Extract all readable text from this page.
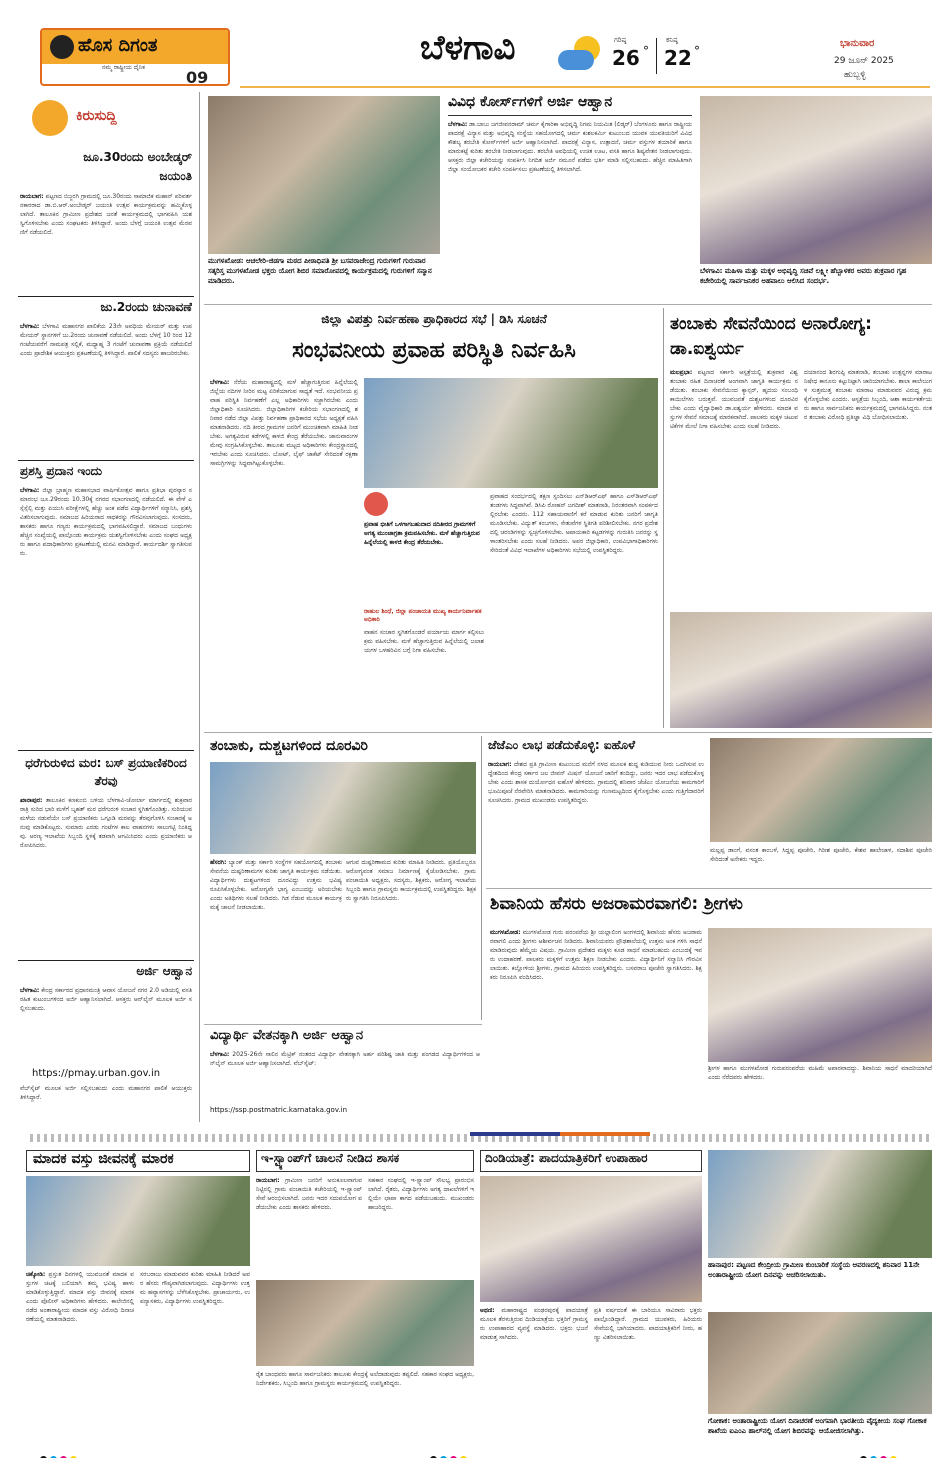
ಹೊಸ ದಿಗಂತ
ನಮ್ಮ ರಾಷ್ಟ್ರೀಯ ದೈನಿಕ
09
ಬೆಳಗಾವಿ	ಗರಿಷ್ಠ
26 °
ಕನಿಷ್ಠ
22 °
ಭಾನುವಾರ
29 ಜೂನ್ 2025
ಹುಬ್ಬಳ್ಳಿ
ಕಿರುಸುದ್ದಿ
ಜೂ.30ರಂದು ಅಂಬೇಡ್ಕರ್ ಜಯಂತಿ
ರಾಯಬಾಗ: ಪಟ್ಟಣದ ಬಿಜ್ಜರಗಿ ಗ್ರಾಮದಲ್ಲಿ ಜೂ.30ರಂದು ಸಾಮಾಜಿಕ ಮಹಾನ್ ಪರಿವರ್ತನಕಾರರಾದ ಡಾ.ಬಿ.ಆರ್.ಅಂಬೇಡ್ಕರ್ ಜಯಂತಿ ಉತ್ಸವ ಕಾರ್ಯಕ್ರಮವನ್ನು ಹಮ್ಮಿಕೊಳ್ಳಲಾಗಿದೆ. ತಾಲೂಕಿನ ಗ್ರಾಮೀಣ ಪ್ರದೇಶದ ಜನತೆ ಕಾರ್ಯಕ್ರಮದಲ್ಲಿ ಭಾಗವಹಿಸಿ ಯಶಸ್ವಿಗೊಳಿಸಬೇಕು ಎಂದು ಸಂಘಟಕರು ತಿಳಿಸಿದ್ದಾರೆ. ಅಂದು ಬೆಳಗ್ಗೆ ಜಯಂತಿ ಉತ್ಸವ ಮೆರವಣಿಗೆ ನಡೆಯಲಿದೆ.
ಜು.2ರಂದು ಚುನಾವಣೆ
ಬೆಳಗಾವಿ: ಬೆಳಗಾವಿ ಮಹಾನಗರ ಪಾಲಿಕೆಯ 23ನೇ ಅವಧಿಯ ಮೇಯರ್ ಮತ್ತು ಉಪಮೇಯರ್ ಸ್ಥಾನಗಳಿಗೆ ಜು.2ರಂದು ಚುನಾವಣೆ ನಡೆಯಲಿದೆ. ಅಂದು ಬೆಳಗ್ಗೆ 10 ರಿಂದ 12 ಗಂಟೆಯವರೆಗೆ ನಾಮಪತ್ರ ಸಲ್ಲಿಕೆ, ಮಧ್ಯಾಹ್ನ 3 ಗಂಟೆಗೆ ಚುನಾವಣಾ ಪ್ರಕ್ರಿಯೆ ನಡೆಯಲಿದೆ ಎಂದು ಪ್ರಾದೇಶಿಕ ಆಯುಕ್ತರು ಪ್ರಕಟಣೆಯಲ್ಲಿ ತಿಳಿಸಿದ್ದಾರೆ. ಪಾಲಿಕೆ ಸದಸ್ಯರು ಹಾಜರಿರಬೇಕು.
ಪ್ರಶಸ್ತಿ ಪ್ರದಾನ ಇಂದು
ಬೆಳಗಾವಿ: ಜಿಲ್ಲಾ ಬ್ರಾಹ್ಮಣ ಮಹಾಸಭಾದ ವಾರ್ಷಿಕೋತ್ಸವ ಹಾಗೂ ಪ್ರತಿಭಾ ಪುರಸ್ಕಾರ ಸಮಾರಂಭ ಜೂ.29ರಂದು 10.30ಕ್ಕೆ ನಗರದ ಸಭಾಂಗಣದಲ್ಲಿ ನಡೆಯಲಿದೆ. ಈ ವೇಳೆ ಎಸ್ಸೆಸ್ಸೆಲ್ಸಿ ಮತ್ತು ಪಿಯುಸಿ ಪರೀಕ್ಷೆಗಳಲ್ಲಿ ಹೆಚ್ಚು ಅಂಕ ಪಡೆದ ವಿದ್ಯಾರ್ಥಿಗಳಿಗೆ ಸನ್ಮಾನಿಸಿ, ಪ್ರಶಸ್ತಿ ವಿತರಿಸಲಾಗುವುದು. ಸಮಾಜದ ಹಿರಿಯರಾದ ಸಾಧಕರನ್ನು ಗೌರವಿಸಲಾಗುವುದು. ಸಂಸದರು, ಶಾಸಕರು ಹಾಗೂ ಗಣ್ಯರು ಕಾರ್ಯಕ್ರಮದಲ್ಲಿ ಭಾಗವಹಿಸಲಿದ್ದಾರೆ. ಸಮಾಜದ ಬಂಧುಗಳು ಹೆಚ್ಚಿನ ಸಂಖ್ಯೆಯಲ್ಲಿ ಪಾಲ್ಗೊಂಡು ಕಾರ್ಯಕ್ರಮ ಯಶಸ್ವಿಗೊಳಿಸಬೇಕು ಎಂದು ಸಂಘದ ಅಧ್ಯಕ್ಷರು ಹಾಗೂ ಪದಾಧಿಕಾರಿಗಳು ಪ್ರಕಟಣೆಯಲ್ಲಿ ಮನವಿ ಮಾಡಿದ್ದಾರೆ. ಕಾರ್ಯದರ್ಶಿ ಸ್ವಾಗತಿಸುವರು.
ಧರೆಗುರುಳಿದ ಮರ: ಬಸ್ ಪ್ರಯಾಣಿಕರಿಂದ ತೆರವು
ಖಾನಾಪುರ: ತಾಲೂಕಿನ ಕಣಕುಂಬಿ ಬಳಿಯ ಬೆಳಗಾವಿ-ಚೋರ್ಲಾ ಮಾರ್ಗದಲ್ಲಿ ಶುಕ್ರವಾರ ರಾತ್ರಿ ಸುರಿದ ಭಾರಿ ಮಳೆಗೆ ಬೃಹತ್ ಮರ ಧರೆಗುರುಳಿ ಸಂಚಾರ ಸ್ಥಗಿತಗೊಂಡಿತ್ತು. ಸುರಿಯುವ ಮಳೆಯ ನಡುವೆಯೇ ಬಸ್ ಪ್ರಯಾಣಿಕರು ಒಗ್ಗೂಡಿ ಮರವನ್ನು ತೆರವುಗೊಳಿಸಿ ಸಂಚಾರಕ್ಕೆ ಅನುವು ಮಾಡಿಕೊಟ್ಟರು. ಸುಮಾರು ಎರಡು ಗಂಟೆಗಳ ಕಾಲ ವಾಹನಗಳು ಸಾಲುಗಟ್ಟಿ ನಿಂತಿದ್ದವು. ಅರಣ್ಯ ಇಲಾಖೆಯ ಸಿಬ್ಬಂದಿ ಸ್ಥಳಕ್ಕೆ ತಡವಾಗಿ ಆಗಮಿಸಿದರು ಎಂದು ಪ್ರಯಾಣಿಕರು ಆರೋಪಿಸಿದರು.
ಅರ್ಜಿ ಆಹ್ವಾನ
ಬೆಳಗಾವಿ: ಕೇಂದ್ರ ಸರ್ಕಾರದ ಪ್ರಧಾನಮಂತ್ರಿ ಆವಾಸ ಯೋಜನೆ ನಗರ 2.0 ಅಡಿಯಲ್ಲಿ ವಸತಿ ರಹಿತ ಕುಟುಂಬಗಳಿಂದ ಅರ್ಜಿ ಆಹ್ವಾನಿಸಲಾಗಿದೆ. ಆಸಕ್ತರು ಆನ್‌ಲೈನ್ ಮೂಲಕ ಅರ್ಜಿ ಸಲ್ಲಿಸಬಹುದು.
https://pmay.urban.gov.in
ವೆಬ್‌ಸೈಟ್ ಮೂಲಕ ಅರ್ಜಿ ಸಲ್ಲಿಸಬಹುದು ಎಂದು ಮಹಾನಗರ ಪಾಲಿಕೆ ಆಯುಕ್ತರು ತಿಳಿಸಿದ್ದಾರೆ.
ಮುಗಳಖೋಡ: ಆಚಲೇರಿ-ಜಿಡಗಾ ಮಠದ ಪೀಠಾಧಿಪತಿ ಶ್ರೀ ಬಸವರಾಜೇಂದ್ರ ಗುರುಗಳಿಗೆ ಗುರುವಾರ ಸತ್ಕರಿಸ್ತ ಮುಗಳಖೋಡ ಭಕ್ತರು ಯೋಗ ಶಿಬಿರ ಸಮಾರೋಪದಲ್ಲಿ ಕಾರ್ಯಕ್ರಮದಲ್ಲಿ ಗುರುಗಳಿಗೆ ಸನ್ಮಾನ ಮಾಡಿದರು.
ವಿವಿಧ ಕೋರ್ಸ್‌ಗಳಿಗೆ ಅರ್ಜಿ ಆಹ್ವಾನ
ಬೆಳಗಾವಿ: ಡಾ.ಬಾಬು ಜಗಜೀವನರಾಮ್ ಚರ್ಮ ಕೈಗಾರಿಕಾ ಅಭಿವೃದ್ಧಿ ನಿಗಮ ನಿಯಮಿತ (ಲಿಡ್ಕರ್) ಬೆಂಗಳೂರು ಹಾಗೂ ರಾಷ್ಟ್ರೀಯ ಪಾದರಕ್ಷೆ ವಿನ್ಯಾಸ ಮತ್ತು ಅಭಿವೃದ್ಧಿ ಸಂಸ್ಥೆಯ ಸಹಯೋಗದಲ್ಲಿ ಚರ್ಮ ಕುಶಲಕರ್ಮಿ ಕುಟುಂಬದ ಯುವಕ ಯುವತಿಯರಿಗೆ ವಿವಿಧ ಕೌಶಲ್ಯ ತರಬೇತಿ ಕೋರ್ಸ್‌ಗಳಿಗೆ ಅರ್ಜಿ ಆಹ್ವಾನಿಸಲಾಗಿದೆ. ಪಾದರಕ್ಷೆ ವಿನ್ಯಾಸ, ಉತ್ಪಾದನೆ, ಚರ್ಮ ವಸ್ತುಗಳ ತಯಾರಿಕೆ ಹಾಗೂ ಮಾರುಕಟ್ಟೆ ಕುರಿತು ತರಬೇತಿ ನೀಡಲಾಗುವುದು. ತರಬೇತಿ ಅವಧಿಯಲ್ಲಿ ಉಚಿತ ಊಟ, ವಸತಿ ಹಾಗೂ ಶಿಷ್ಯವೇತನ ನೀಡಲಾಗುವುದು. ಆಸಕ್ತರು ಜಿಲ್ಲಾ ಕಚೇರಿಯನ್ನು ಸಂಪರ್ಕಿಸಿ ನಿಗದಿತ ಅರ್ಜಿ ನಮೂನೆ ಪಡೆದು ಭರ್ತಿ ಮಾಡಿ ಸಲ್ಲಿಸಬಹುದು. ಹೆಚ್ಚಿನ ಮಾಹಿತಿಗಾಗಿ ಜಿಲ್ಲಾ ಸಂಯೋಜಕರ ಕಚೇರಿ ಸಂಪರ್ಕಿಸಲು ಪ್ರಕಟಣೆಯಲ್ಲಿ ತಿಳಿಸಲಾಗಿದೆ.
ಬೆಳಗಾವಿ: ಮಹಿಳಾ ಮತ್ತು ಮಕ್ಕಳ ಅಭಿವೃದ್ಧಿ ಸಚಿವೆ ಲಕ್ಷ್ಮೀ ಹೆಬ್ಬಾಳಕರ ಅವರು ಶುಕ್ರವಾರ ಗೃಹ ಕಚೇರಿಯಲ್ಲಿ ಸಾರ್ವಜನಿಕರ ಅಹವಾಲು ಆಲಿಸಿದ ಸಂದರ್ಭ.
ಜಿಲ್ಲಾ ವಿಪತ್ತು ನಿರ್ವಹಣಾ ಪ್ರಾಧಿಕಾರದ ಸಭೆ | ಡಿಸಿ ಸೂಚನೆ
ಸಂಭವನೀಯ ಪ್ರವಾಹ ಪರಿಸ್ಥಿತಿ ನಿರ್ವಹಿಸಿ
ಬೆಳಗಾವಿ: ನೆರೆಯ ಮಹಾರಾಷ್ಟ್ರದಲ್ಲಿ ಮಳೆ ಹೆಚ್ಚಾಗುತ್ತಿರುವ ಹಿನ್ನೆಲೆಯಲ್ಲಿ ಜಿಲ್ಲೆಯ ನದಿಗಳ ನೀರಿನ ಮಟ್ಟ ಏರಿಕೆಯಾಗುವ ಸಾಧ್ಯತೆ ಇದೆ. ಸಂಭವನೀಯ ಪ್ರವಾಹ ಪರಿಸ್ಥಿತಿ ನಿರ್ವಹಣೆಗೆ ಎಲ್ಲ ಅಧಿಕಾರಿಗಳು ಸಜ್ಜಾಗಿರಬೇಕು ಎಂದು ಜಿಲ್ಲಾಧಿಕಾರಿ ಸೂಚಿಸಿದರು. ಜಿಲ್ಲಾಧಿಕಾರಿಗಳ ಕಚೇರಿಯ ಸಭಾಂಗಣದಲ್ಲಿ ಶನಿವಾರ ನಡೆದ ಜಿಲ್ಲಾ ವಿಪತ್ತು ನಿರ್ವಹಣಾ ಪ್ರಾಧಿಕಾರದ ಸಭೆಯ ಅಧ್ಯಕ್ಷತೆ ವಹಿಸಿ ಮಾತನಾಡಿದರು. ನದಿ ತೀರದ ಗ್ರಾಮಗಳ ಜನರಿಗೆ ಮುಂಚಿತವಾಗಿ ಮಾಹಿತಿ ನೀಡಬೇಕು. ಅಗತ್ಯವಿರುವ ಕಡೆಗಳಲ್ಲಿ ಕಾಳಜಿ ಕೇಂದ್ರ ತೆರೆಯಬೇಕು. ಜಾನುವಾರುಗಳ ಮೇವು ಸಂಗ್ರಹಿಸಿಕೊಳ್ಳಬೇಕು. ತಾಲೂಕು ಮಟ್ಟದ ಅಧಿಕಾರಿಗಳು ಕೇಂದ್ರಸ್ಥಾನದಲ್ಲಿ ಇರಬೇಕು ಎಂದು ಸೂಚಿಸಿದರು. ಬೋಟ್, ಲೈಫ್ ಜಾಕೆಟ್ ಸೇರಿದಂತೆ ರಕ್ಷಣಾ ಸಾಮಗ್ರಿಗಳನ್ನು ಸಿದ್ಧವಾಗಿಟ್ಟುಕೊಳ್ಳಬೇಕು.
ಪ್ರವಾಹ ಭೀತಿಗೆ ಒಳಗಾಗಬಹುದಾದ ನದಿತೀರದ ಗ್ರಾಮಗಳಿಗೆ ಅಗತ್ಯ ಮುಂಜಾಗ್ರತಾ ಕ್ರಮವಹಿಸಬೇಕು. ಮಳೆ ಹೆಚ್ಚಾಗುತ್ತಿರುವ ಹಿನ್ನೆಲೆಯಲ್ಲಿ ಕಾಳಜಿ ಕೇಂದ್ರ ತೆರೆಯಬೇಕು.
ರಾಹುಲ ಶಿಂಧೆ, ಜಿಲ್ಲಾ ಪಂಚಾಯತಿ ಮುಖ್ಯ ಕಾರ್ಯನಿರ್ವಾಹಕ ಅಧಿಕಾರಿ
ಪ್ರವಾಹದ ಸಂದರ್ಭದಲ್ಲಿ ತಕ್ಷಣ ಸ್ಪಂದಿಸಲು ಎನ್‌ಡಿಆರ್‌ಎಫ್ ಹಾಗೂ ಎಸ್‌ಡಿಆರ್‌ಎಫ್ ತಂಡಗಳು ಸಿದ್ಧವಾಗಿವೆ. ಡಿಸಿಪಿ ರೋಹನ್ ಜಗದೀಶ್ ಮಾತನಾಡಿ, ನಿರಂತರವಾಗಿ ಸಂಪರ್ಕದಲ್ಲಿರಬೇಕು ಎಂದರು. 112 ಸಹಾಯವಾಣಿಗೆ ಕರೆ ಮಾಡುವ ಕುರಿತು ಜನರಿಗೆ ಜಾಗೃತಿ ಮೂಡಿಸಬೇಕು. ವಿದ್ಯುತ್ ಕಂಬಗಳು, ಸೇತುವೆಗಳ ಸ್ಥಿತಿಗತಿ ಪರಿಶೀಲಿಸಬೇಕು. ನಗರ ಪ್ರದೇಶದಲ್ಲಿ ಚರಂಡಿಗಳನ್ನು ಸ್ವಚ್ಛಗೊಳಿಸಬೇಕು. ಅಪಾಯಕಾರಿ ಕಟ್ಟಡಗಳನ್ನು ಗುರುತಿಸಿ ಜನರನ್ನು ಸ್ಥಳಾಂತರಿಸಬೇಕು ಎಂದು ಸಲಹೆ ನೀಡಿದರು. ಅಪರ ಜಿಲ್ಲಾಧಿಕಾರಿ, ಉಪವಿಭಾಗಾಧಿಕಾರಿಗಳು ಸೇರಿದಂತೆ ವಿವಿಧ ಇಲಾಖೆಗಳ ಅಧಿಕಾರಿಗಳು ಸಭೆಯಲ್ಲಿ ಉಪಸ್ಥಿತರಿದ್ದರು.
ವಾಹನ ಸಂಚಾರ ಸ್ಥಗಿತಗೊಂಡರೆ ಪರ್ಯಾಯ ಮಾರ್ಗ ಕಲ್ಪಿಸಲು ಕ್ರಮ ವಹಿಸಬೇಕು. ಮಳೆ ಹೆಚ್ಚಾಗುತ್ತಿರುವ ಹಿನ್ನೆಲೆಯಲ್ಲಿ ಜಲಾಶಯಗಳ ಒಳಹರಿವಿನ ಬಗ್ಗೆ ನಿಗಾ ವಹಿಸಬೇಕು.
ತಂಬಾಕು ಸೇವನೆಯಿಂದ ಅನಾರೋಗ್ಯ: ಡಾ.ಐಶ್ವರ್ಯ
ಮಲಪ್ರಭಾ: ಪಟ್ಟಣದ ಸರ್ಕಾರಿ ಆಸ್ಪತ್ರೆಯಲ್ಲಿ ಶುಕ್ರವಾರ ವಿಶ್ವ ತಂಬಾಕು ರಹಿತ ದಿನಾಚರಣೆ ಅಂಗವಾಗಿ ಜಾಗೃತಿ ಕಾರ್ಯಕ್ರಮ ನಡೆಯಿತು. ತಂಬಾಕು ಸೇವನೆಯಿಂದ ಕ್ಯಾನ್ಸರ್, ಹೃದಯ ಸಂಬಂಧಿ ಕಾಯಿಲೆಗಳು ಬರುತ್ತವೆ. ಯುವಜನತೆ ದುಶ್ಚಟಗಳಿಂದ ದೂರವಿರಬೇಕು ಎಂದು ವೈದ್ಯಾಧಿಕಾರಿ ಡಾ.ಐಶ್ವರ್ಯ ಹೇಳಿದರು. ಮಾದಕ ವಸ್ತುಗಳ ಸೇವನೆ ಸಮಾಜಕ್ಕೆ ಮಾರಕವಾಗಿದೆ. ಪಾಲಕರು ಮಕ್ಕಳ ಚಟುವಟಿಕೆಗಳ ಮೇಲೆ ನಿಗಾ ವಹಿಸಬೇಕು ಎಂದು ಸಲಹೆ ನೀಡಿದರು.
ದಯಾನಂದ ಶಿರಗುಪ್ಪಿ ಮಾತನಾಡಿ, ತಂಬಾಕು ಉತ್ಪನ್ನಗಳ ಮಾರಾಟ ನಿಷೇಧ ಕಾನೂನು ಕಟ್ಟುನಿಟ್ಟಾಗಿ ಜಾರಿಯಾಗಬೇಕು. ಶಾಲಾ ಕಾಲೇಜುಗಳ ಸುತ್ತಮುತ್ತ ತಂಬಾಕು ಮಾರಾಟ ಮಾಡುವವರ ವಿರುದ್ಧ ಕ್ರಮ ಕೈಗೊಳ್ಳಬೇಕು ಎಂದರು. ಆಸ್ಪತ್ರೆಯ ಸಿಬ್ಬಂದಿ, ಆಶಾ ಕಾರ್ಯಕರ್ತೆಯರು ಹಾಗೂ ಸಾರ್ವಜನಿಕರು ಕಾರ್ಯಕ್ರಮದಲ್ಲಿ ಭಾಗವಹಿಸಿದ್ದರು. ನಂತರ ತಂಬಾಕು ವಿರೋಧಿ ಪ್ರತಿಜ್ಞಾ ವಿಧಿ ಬೋಧಿಸಲಾಯಿತು.
ತಂಬಾಕು, ದುಶ್ಚಟಗಳಿಂದ ದೂರವಿರಿ
ಹೆಸರಗಿ: ಬ್ಯಾಂಕ್ ಮತ್ತು ಸರ್ಕಾರಿ ಸಂಸ್ಥೆಗಳ ಸಹಯೋಗದಲ್ಲಿ ತಂಬಾಕು ಸೇವನೆಯ ದುಷ್ಪರಿಣಾಮಗಳ ಕುರಿತು ಜಾಗೃತಿ ಕಾರ್ಯಕ್ರಮ ನಡೆಯಿತು. ವಿದ್ಯಾರ್ಥಿಗಳು ದುಶ್ಚಟಗಳಿಂದ ದೂರವಿದ್ದು ಉತ್ತಮ ಭವಿಷ್ಯ ರೂಪಿಸಿಕೊಳ್ಳಬೇಕು. ಆರೋಗ್ಯವೇ ಭಾಗ್ಯ ಎಂಬುದನ್ನು ಅರಿಯಬೇಕು ಎಂದು ಅತಿಥಿಗಳು ಸಲಹೆ ನೀಡಿದರು. ಗಿಡ ನೆಡುವ ಮೂಲಕ ಕಾರ್ಯಕ್ರಮಕ್ಕೆ ಚಾಲನೆ ನೀಡಲಾಯಿತು.
ಆಗುವ ದುಷ್ಪರಿಣಾಮದ ಕುರಿತು ಮಾಹಿತಿ ನೀಡಿದರು. ಪ್ರತಿಯೊಬ್ಬರೂ ಆರೋಗ್ಯವಂತ ಸಮಾಜ ನಿರ್ಮಾಣಕ್ಕೆ ಕೈಜೋಡಿಸಬೇಕು. ಗ್ರಾಮ ಪಂಚಾಯಿತಿ ಅಧ್ಯಕ್ಷರು, ಸದಸ್ಯರು, ಶಿಕ್ಷಕರು, ಆರೋಗ್ಯ ಇಲಾಖೆಯ ಸಿಬ್ಬಂದಿ ಹಾಗೂ ಗ್ರಾಮಸ್ಥರು ಕಾರ್ಯಕ್ರಮದಲ್ಲಿ ಉಪಸ್ಥಿತರಿದ್ದರು. ಶಿಕ್ಷಕರು ಸ್ವಾಗತಿಸಿ ನಿರೂಪಿಸಿದರು.
ಜೆಜೆಎಂ ಲಾಭ ಪಡೆದುಕೊಳ್ಳಿ: ಐಹೊಳೆ
ರಾಯಬಾಗ: ದೇಶದ ಪ್ರತಿ ಗ್ರಾಮೀಣ ಕುಟುಂಬದ ಮನೆಗೆ ನಳದ ಮೂಲಕ ಶುದ್ಧ ಕುಡಿಯುವ ನೀರು ಒದಗಿಸುವ ಉದ್ದೇಶದಿಂದ ಕೇಂದ್ರ ಸರ್ಕಾರ ಜಲ ಜೀವನ್ ಮಿಷನ್ ಯೋಜನೆ ಜಾರಿಗೆ ತಂದಿದ್ದು, ಜನರು ಇದರ ಲಾಭ ಪಡೆದುಕೊಳ್ಳಬೇಕು ಎಂದು ಶಾಸಕ ದುರ್ಯೋಧನ ಐಹೊಳೆ ಹೇಳಿದರು. ಗ್ರಾಮದಲ್ಲಿ ಶನಿವಾರ ಜೆಜೆಎಂ ಯೋಜನೆಯ ಕಾಮಗಾರಿಗೆ ಭೂಮಿಪೂಜೆ ನೆರವೇರಿಸಿ ಮಾತನಾಡಿದರು. ಕಾಮಗಾರಿಯನ್ನು ಗುಣಮಟ್ಟದಿಂದ ಕೈಗೊಳ್ಳಬೇಕು ಎಂದು ಗುತ್ತಿಗೆದಾರರಿಗೆ ಸೂಚಿಸಿದರು. ಗ್ರಾಮದ ಮುಖಂಡರು ಉಪಸ್ಥಿತರಿದ್ದರು.
ಮಲ್ಲಪ್ಪ ಡಾಂಗೆ, ವಸಂತ ಕಾಂಬಳೆ, ಸಿದ್ದಪ್ಪ ಪೂಜೇರಿ, ಗಿರೀಶ ಪೂಜೇರಿ, ಕೇಶವ ಹಾಲೇಜಾಳ, ಸದಾಶಿವ ಪೂಜೇರಿ ಸೇರಿದಂತೆ ಅನೇಕರು ಇದ್ದರು.
ಶಿವಾನಿಯ ಹೆಸರು ಅಜರಾಮರವಾಗಲಿ: ಶ್ರೀಗಳು
ಮುಗಳಖೋಡ: ಮುಗಳಖೋಡ ಗುರು ಪರಂಪರೆಯ ಶ್ರೀ ಯಲ್ಲಾಲಿಂಗ ಅಂಗಳದಲ್ಲಿ ಶಿವಾನಿಯ ಹೆಸರು ಅಜರಾಮರವಾಗಲಿ ಎಂದು ಶ್ರೀಗಳು ಆಶೀರ್ವಚನ ನೀಡಿದರು. ಶಿವಾನಿಯವರು ಪ್ರೌಢಶಾಲೆಯಲ್ಲಿ ಉತ್ತಮ ಅಂಕ ಗಳಿಸಿ ಸಾಧನೆ ಮಾಡಿರುವುದು ಹೆಮ್ಮೆಯ ವಿಷಯ. ಗ್ರಾಮೀಣ ಪ್ರದೇಶದ ಮಕ್ಕಳು ಕೂಡ ಸಾಧನೆ ಮಾಡಬಹುದು ಎಂಬುದಕ್ಕೆ ಇವರು ಉದಾಹರಣೆ. ಪಾಲಕರು ಮಕ್ಕಳಿಗೆ ಉತ್ತಮ ಶಿಕ್ಷಣ ನೀಡಬೇಕು ಎಂದರು. ವಿದ್ಯಾರ್ಥಿನಿಗೆ ಸನ್ಮಾನಿಸಿ ಗೌರವಿಸಲಾಯಿತು. ಕಲ್ಲೋಳಿಯ ಶ್ರೀಗಳು, ಗ್ರಾಮದ ಹಿರಿಯರು ಉಪಸ್ಥಿತರಿದ್ದರು. ಬಸವರಾಜ ಪೂಜೇರಿ ಸ್ವಾಗತಿಸಿದರು. ಶಿಕ್ಷಕರು ನಿರೂಪಿಸಿ ವಂದಿಸಿದರು.
ಶ್ರೀಗಳ ಹಾಗೂ ಮುಗಳಖೋಡ ಗುರುಪರಂಪರೆಯ ಮಹಿಮೆ ಅಪಾರವಾದದ್ದು. ಶಿವಾನಿಯ ಸಾಧನೆ ಮಾದರಿಯಾಗಿದೆ ಎಂದು ನೆರೆದವರು ಹೇಳಿದರು.
ವಿದ್ಯಾರ್ಥಿ ವೇತನಕ್ಕಾಗಿ ಅರ್ಜಿ ಆಹ್ವಾನ
ಬೆಳಗಾವಿ: 2025-26ನೇ ಸಾಲಿನ ಮೆಟ್ರಿಕ್ ನಂತರದ ವಿದ್ಯಾರ್ಥಿ ವೇತನಕ್ಕಾಗಿ ಅರ್ಹ ಪರಿಶಿಷ್ಟ ಜಾತಿ ಮತ್ತು ಪಂಗಡದ ವಿದ್ಯಾರ್ಥಿಗಳಿಂದ ಆನ್‌ಲೈನ್ ಮೂಲಕ ಅರ್ಜಿ ಆಹ್ವಾನಿಸಲಾಗಿದೆ. ವೆಬ್‌ಸೈಟ್:
https://ssp.postmatric.karnataka.gov.in
ಮಾದಕ ವಸ್ತು ಜೀವನಕ್ಕೆ ಮಾರಕ
ಚಿಕ್ಕೋಡಿ: ಪ್ರಸ್ತುತ ದಿನಗಳಲ್ಲಿ ಯುವಜನತೆ ಮಾದಕ ವಸ್ತುಗಳ ಚಟಕ್ಕೆ ಬಲಿಯಾಗಿ ತಮ್ಮ ಭವಿಷ್ಯ ಹಾಳು ಮಾಡಿಕೊಳ್ಳುತ್ತಿದ್ದಾರೆ. ಮಾದಕ ವಸ್ತು ಜೀವನಕ್ಕೆ ಮಾರಕ ಎಂದು ಪೊಲೀಸ್ ಅಧಿಕಾರಿಗಳು ಹೇಳಿದರು. ಕಾಲೇಜಿನಲ್ಲಿ ನಡೆದ ಅಂತಾರಾಷ್ಟ್ರೀಯ ಮಾದಕ ವಸ್ತು ವಿರೋಧಿ ದಿನಾಚರಣೆಯಲ್ಲಿ ಮಾತನಾಡಿದರು.
ಸರಬರಾಜು ಮಾಡುವವರ ಕುರಿತು ಮಾಹಿತಿ ನೀಡಿದರೆ ಅವರ ಹೆಸರು ಗೌಪ್ಯವಾಗಿಡಲಾಗುವುದು. ವಿದ್ಯಾರ್ಥಿಗಳು ಉತ್ತಮ ಹವ್ಯಾಸಗಳನ್ನು ಬೆಳೆಸಿಕೊಳ್ಳಬೇಕು. ಪ್ರಾಚಾರ್ಯರು, ಉಪನ್ಯಾಸಕರು, ವಿದ್ಯಾರ್ಥಿಗಳು ಉಪಸ್ಥಿತರಿದ್ದರು.
ಇ-ಸ್ಟ್ಯಾಂಪ್‌ಗೆ ಚಾಲನೆ ನೀಡಿದ ಶಾಸಕ
ರಾಯಬಾಗ: ಗ್ರಾಮೀಣ ಜನರಿಗೆ ಅನುಕೂಲವಾಗುವ ನಿಟ್ಟಿನಲ್ಲಿ ಗ್ರಾಮ ಪಂಚಾಯಿತಿ ಕಚೇರಿಯಲ್ಲಿ ಇ-ಸ್ಟ್ಯಾಂಪ್ ಸೇವೆ ಆರಂಭಿಸಲಾಗಿದೆ. ಜನರು ಇದರ ಸದುಪಯೋಗ ಪಡೆಯಬೇಕು ಎಂದು ಶಾಸಕರು ಹೇಳಿದರು.
ಸಹಕಾರ ಸಂಘದಲ್ಲಿ ಇ-ಸ್ಟ್ಯಾಂಪ್ ಸೌಲಭ್ಯ ಪ್ರಾರಂಭಿಸಲಾಗಿದೆ. ರೈತರು, ವಿದ್ಯಾರ್ಥಿಗಳು ಅಗತ್ಯ ದಾಖಲೆಗಳಿಗೆ ಇಲ್ಲಿಯೇ ಛಾಪಾ ಕಾಗದ ಪಡೆಯಬಹುದು. ಮುಖಂಡರು ಹಾಜರಿದ್ದರು.
ರೈತ ಬಾಂಧವರು ಹಾಗೂ ಸಾರ್ವಜನಿಕರು ತಾಲೂಕು ಕೇಂದ್ರಕ್ಕೆ ಅಲೆದಾಡುವುದು ತಪ್ಪಲಿದೆ. ಸಹಕಾರ ಸಂಘದ ಅಧ್ಯಕ್ಷರು, ನಿರ್ದೇಶಕರು, ಸಿಬ್ಬಂದಿ ಹಾಗೂ ಗ್ರಾಮಸ್ಥರು ಕಾರ್ಯಕ್ರಮದಲ್ಲಿ ಉಪಸ್ಥಿತರಿದ್ದರು.
ದಿಂಡಿಯಾತ್ರೆ: ಪಾದಯಾತ್ರಿಕರಿಗೆ ಉಪಾಹಾರ
ಅಥಣಿ: ಮಹಾರಾಷ್ಟ್ರದ ಪಂಢರಪುರಕ್ಕೆ ಪಾದಯಾತ್ರೆ ಮೂಲಕ ತೆರಳುತ್ತಿರುವ ದಿಂಡಿಯಾತ್ರೆಯ ಭಕ್ತರಿಗೆ ಗ್ರಾಮಸ್ಥರು ಉಪಾಹಾರದ ವ್ಯವಸ್ಥೆ ಮಾಡಿದರು. ಭಕ್ತರು ಭಜನೆ ಮಾಡುತ್ತ ಸಾಗಿದರು.
ಪ್ರತಿ ವರ್ಷದಂತೆ ಈ ಬಾರಿಯೂ ಸಾವಿರಾರು ಭಕ್ತರು ಪಾಲ್ಗೊಂಡಿದ್ದಾರೆ. ಗ್ರಾಮದ ಯುವಕರು, ಹಿರಿಯರು ಸೇವೆಯಲ್ಲಿ ಭಾಗಿಯಾದರು. ಪಾದಯಾತ್ರಿಕರಿಗೆ ನೀರು, ಹಣ್ಣು ವಿತರಿಸಲಾಯಿತು.
ಹಾನಾಪುರ: ಪಟ್ಟಣದ ಕೇಂದ್ರೀಯ ಗ್ರಾಮೀಣ ಕುಂಬಾರಿಕೆ ಸಂಸ್ಥೆಯ ಆವರಣದಲ್ಲಿ ಶನಿವಾರ 11ನೇ ಅಂತಾರಾಷ್ಟ್ರೀಯ ಯೋಗ ದಿನವನ್ನು ಆಚರಿಸಲಾಯಿತು.
ಗೋಕಾಕ: ಅಂತಾರಾಷ್ಟ್ರೀಯ ಯೋಗ ದಿನಾಚರಣೆ ಅಂಗವಾಗಿ ಭಾರತೀಯ ವೈದ್ಯಕೀಯ ಸಂಘ ಗೋಕಾಕ ಶಾಖೆಯ ಐಎಂಎ ಹಾಲ್‌ನಲ್ಲಿ ಯೋಗ ಶಿಬಿರವನ್ನು ಆಯೋಜಿಸಲಾಗಿತ್ತು.
